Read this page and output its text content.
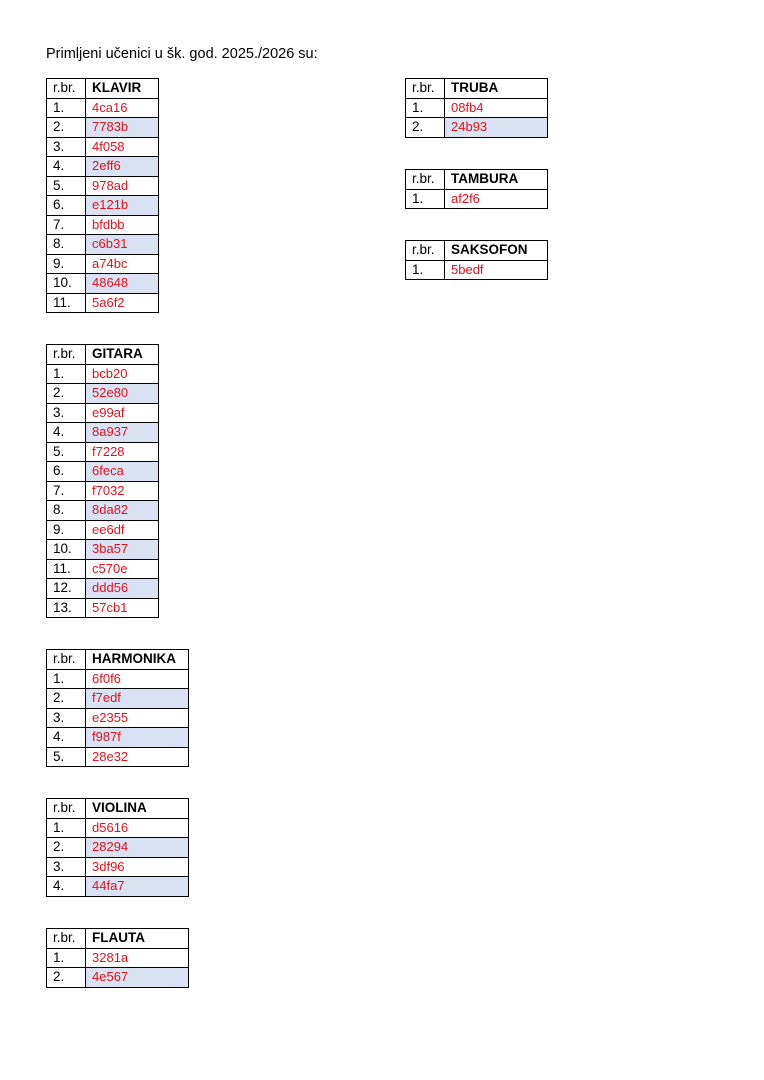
Primljeni učenici u šk. god. 2025./2026 su:
r.br.	KLAVIR
1.	4ca16
2.	7783b
3.	4f058
4.	2eff6
5.	978ad
6.	e121b
7.	bfdbb
8.	c6b31
9.	a74bc
10.	48648
11.	5a6f2
r.br.	GITARA
1.	bcb20
2.	52e80
3.	e99af
4.	8a937
5.	f7228
6.	6feca
7.	f7032
8.	8da82
9.	ee6df
10.	3ba57
11.	c570e
12.	ddd56
13.	57cb1
r.br.	HARMONIKA
1.	6f0f6
2.	f7edf
3.	e2355
4.	f987f
5.	28e32
r.br.	VIOLINA
1.	d5616
2.	28294
3.	3df96
4.	44fa7
r.br.	FLAUTA
1.	3281a
2.	4e567
r.br.	TRUBA
1.	08fb4
2.	24b93
r.br.	TAMBURA
1.	af2f6
r.br.	SAKSOFON
1.	5bedf
